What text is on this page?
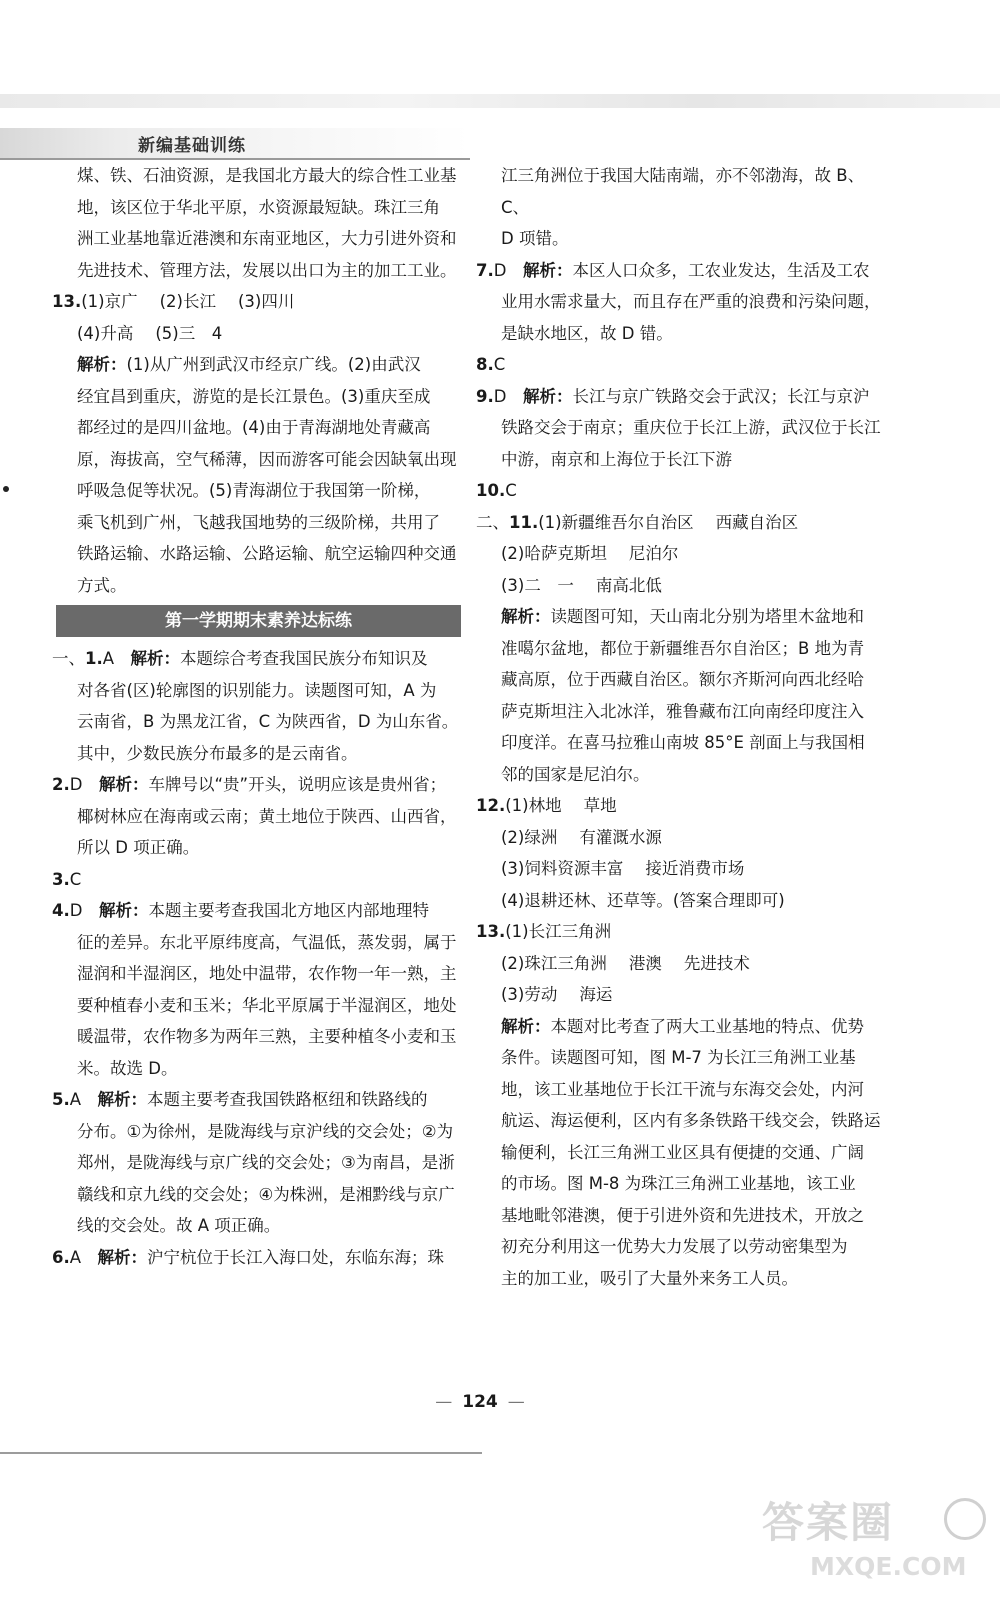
新编基础训练

煤、铁、石油资源，是我国北方最大的综合性工业基

地，该区位于华北平原，水资源最短缺。珠江三角

洲工业基地靠近港澳和东南亚地区，大力引进外资和

先进技术、管理方法，发展以出口为主的加工工业。

13.(1)京广 (2)长江 (3)四川

(4)升高 (5)三　4

解析：(1)从广州到武汉市经京广线。(2)由武汉

经宜昌到重庆，游览的是长江景色。(3)重庆至成

都经过的是四川盆地。(4)由于青海湖地处青藏高

原，海拔高，空气稀薄，因而游客可能会因缺氧出现

呼吸急促等状况。(5)青海湖位于我国第一阶梯，

乘飞机到广州，飞越我国地势的三级阶梯，共用了

铁路运输、水路运输、公路运输、航空运输四种交通

方式。

第一学期期末素养达标练

一、1.A　 解析：本题综合考查我国民族分布知识及

对各省(区)轮廓图的识别能力。读题图可知，A 为

云南省，B 为黑龙江省，C 为陕西省，D 为山东省。

其中，少数民族分布最多的是云南省。

2.D　 解析：车牌号以“贵”开头，说明应该是贵州省；

椰树林应在海南或云南；黄土地位于陕西、山西省，

所以 D 项正确。

3.C

4.D　 解析：本题主要考查我国北方地区内部地理特

征的差异。东北平原纬度高，气温低，蒸发弱，属于

湿润和半湿润区，地处中温带，农作物一年一熟，主

要种植春小麦和玉米；华北平原属于半湿润区，地处

暖温带，农作物多为两年三熟，主要种植冬小麦和玉

米。故选 D。

5.A　 解析：本题主要考查我国铁路枢纽和铁路线的

分布。①为徐州，是陇海线与京沪线的交会处；②为

郑州，是陇海线与京广线的交会处；③为南昌，是浙

赣线和京九线的交会处；④为株洲，是湘黔线与京广

线的交会处。故 A 项正确。

6.A　 解析：沪宁杭位于长江入海口处，东临东海；珠

江三角洲位于我国大陆南端，亦不邻渤海，故 B、C、

D 项错。

7.D　 解析：本区人口众多，工农业发达，生活及工农

业用水需求量大，而且存在严重的浪费和污染问题，

是缺水地区，故 D 错。

8.C

9.D　 解析：长江与京广铁路交会于武汉；长江与京沪

铁路交会于南京；重庆位于长江上游，武汉位于长江

中游，南京和上海位于长江下游

10.C

二、11.(1)新疆维吾尔自治区 西藏自治区

(2)哈萨克斯坦 尼泊尔

(3)二　一 南高北低

解析：读题图可知，天山南北分别为塔里木盆地和

准噶尔盆地，都位于新疆维吾尔自治区；B 地为青

藏高原，位于西藏自治区。额尔齐斯河向西北经哈

萨克斯坦注入北冰洋，雅鲁藏布江向南经印度注入

印度洋。在喜马拉雅山南坡 85°E 剖面上与我国相

邻的国家是尼泊尔。

12.(1)林地 草地

(2)绿洲 有灌溉水源

(3)饲料资源丰富 接近消费市场

(4)退耕还林、还草等。(答案合理即可)

13.(1)长江三角洲

(2)珠江三角洲 港澳 先进技术

(3)劳动 海运

解析：本题对比考查了两大工业基地的特点、优势

条件。读题图可知，图 M-7 为长江三角洲工业基

地，该工业基地位于长江干流与东海交会处，内河

航运、海运便利，区内有多条铁路干线交会，铁路运

输便利，长江三角洲工业区具有便捷的交通、广阔

的市场。图 M-8 为珠江三角洲工业基地，该工业

基地毗邻港澳，便于引进外资和先进技术，开放之

初充分利用这一优势大力发展了以劳动密集型为

主的加工业，吸引了大量外来务工人员。

— 124 —
答案圈
MXQE.COM
